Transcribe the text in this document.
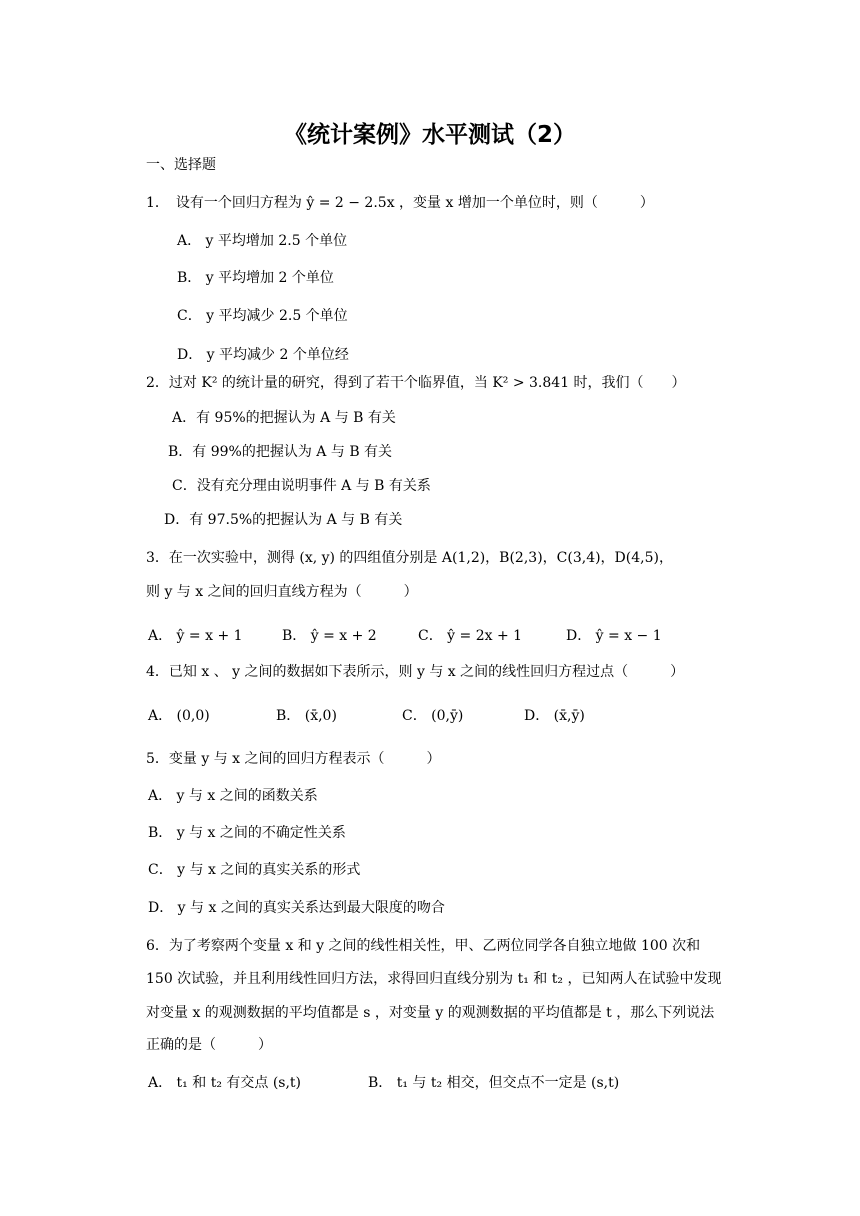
《统计案例》水平测试（2）
一、选择题
1．　设有一个回归方程为 ŷ = 2 − 2.5x ，变量 x 增加一个单位时，则（　　　）
A． y 平均增加 2.5 个单位
B． y 平均增加 2 个单位
C． y 平均减少 2.5 个单位
D． y 平均减少 2 个单位经
2．过对 K² 的统计量的研究，得到了若干个临界值，当 K² > 3.841 时，我们（　　）
A．有 95%的把握认为 A 与 B 有关
B．有 99%的把握认为 A 与 B 有关
C．没有充分理由说明事件 A 与 B 有关系
D．有 97.5%的把握认为 A 与 B 有关
3．在一次实验中，测得 (x, y) 的四组值分别是 A(1,2)，B(2,3)，C(3,4)，D(4,5)，
则 y 与 x 之间的回归直线方程为（　　　）
A． ŷ = x + 1	B． ŷ = x + 2	C． ŷ = 2x + 1	D． ŷ = x − 1
4．已知 x 、 y 之间的数据如下表所示，则 y 与 x 之间的线性回归方程过点（　　　）
A． (0,0)	B． (x̄,0)	C． (0,ȳ)	D． (x̄,ȳ)
5．变量 y 与 x 之间的回归方程表示（　　　）
A． y 与 x 之间的函数关系
B． y 与 x 之间的不确定性关系
C． y 与 x 之间的真实关系的形式
D． y 与 x 之间的真实关系达到最大限度的吻合
6．为了考察两个变量 x 和 y 之间的线性相关性，甲、乙两位同学各自独立地做 100 次和
150 次试验，并且利用线性回归方法，求得回归直线分别为 t₁ 和 t₂ ，已知两人在试验中发现
对变量 x 的观测数据的平均值都是 s ，对变量 y 的观测数据的平均值都是 t ，那么下列说法
正确的是（　　　）
A． t₁ 和 t₂ 有交点 (s,t)	B． t₁ 与 t₂ 相交，但交点不一定是 (s,t)
